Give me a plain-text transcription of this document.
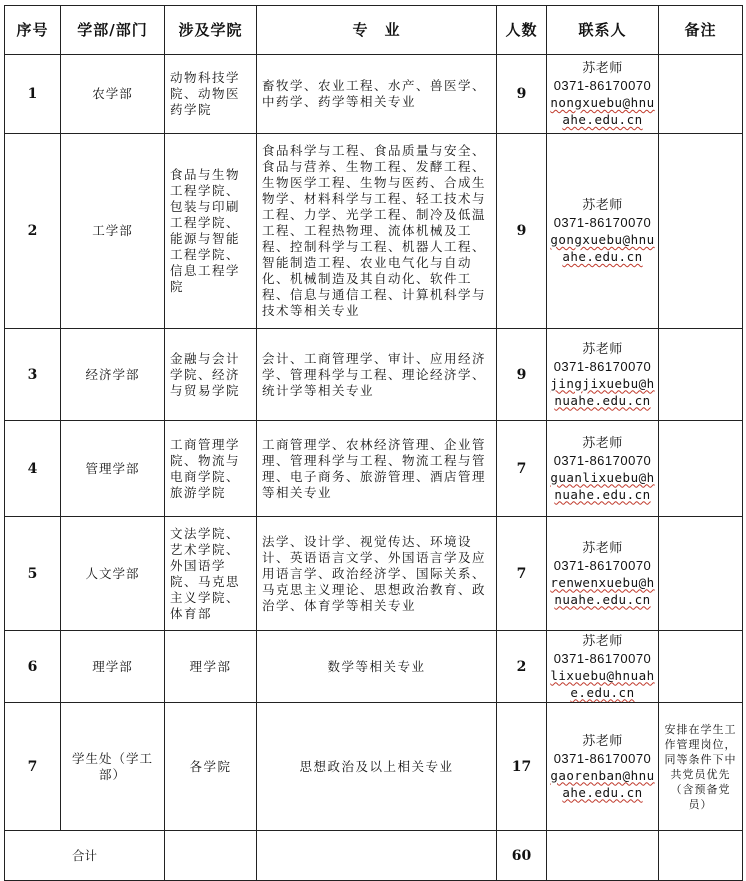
序号	学部/部门	涉及学院	专　业	人数	联系人	备注
1	农学部	动物科技学院、动物医药学院	畜牧学、农业工程、水产、兽医学、中药学、药学等相关专业	9	苏老师
0371-86170070
nongxuebu@hnuahe.edu.cn	

2	工学部	食品与生物工程学院、包装与印刷工程学院、能源与智能工程学院、信息工程学院	食品科学与工程、食品质量与安全、食品与营养、生物工程、发酵工程、生物医学工程、生物与医药、合成生物学、材料科学与工程、轻工技术与工程、力学、光学工程、制冷及低温工程、工程热物理、流体机械及工程、控制科学与工程、机器人工程、智能制造工程、农业电气化与自动化、机械制造及其自动化、软件工程、信息与通信工程、计算机科学与技术等相关专业	9	苏老师
0371-86170070
gongxuebu@hnuahe.edu.cn	

3	经济学部	金融与会计学院、经济与贸易学院	会计、工商管理学、审计、应用经济学、管理科学与工程、理论经济学、统计学等相关专业	9	苏老师
0371-86170070
jingjixuebu@hnuahe.edu.cn	

4	管理学部	工商管理学院、物流与电商学院、旅游学院	工商管理学、农林经济管理、企业管理、管理科学与工程、物流工程与管理、电子商务、旅游管理、酒店管理等相关专业	7	苏老师
0371-86170070
guanlixuebu@hnuahe.edu.cn	

5	人文学部	文法学院、艺术学院、外国语学院、马克思主义学院、体育部	法学、设计学、视觉传达、环境设计、英语语言文学、外国语言学及应用语言学、政治经济学、国际关系、马克思主义理论、思想政治教育、政治学、体育学等相关专业	7	苏老师
0371-86170070
renwenxuebu@hnuahe.edu.cn	

6	理学部	理学部	数学等相关专业	2	苏老师
0371-86170070
lixuebu@hnuahe.edu.cn	

7	学生处（学工部）	各学院	思想政治及以上相关专业	17	苏老师
0371-86170070
gaorenban@hnuahe.edu.cn	安排在学生工作管理岗位，同等条件下中共党员优先（含预备党员）
合计				60		
